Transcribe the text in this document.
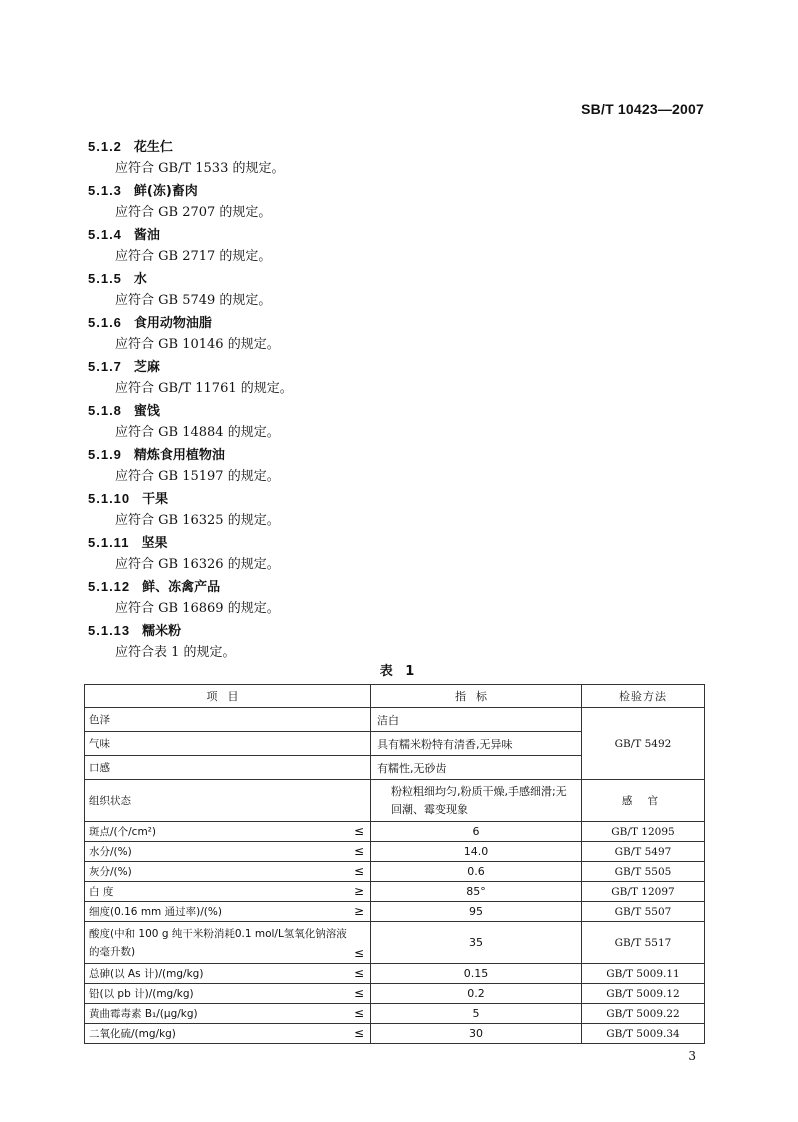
SB/T 10423—2007
5.1.2 花生仁
应符合 GB/T 1533 的规定。
5.1.3 鲜(冻)畜肉
应符合 GB 2707 的规定。
5.1.4 酱油
应符合 GB 2717 的规定。
5.1.5 水
应符合 GB 5749 的规定。
5.1.6 食用动物油脂
应符合 GB 10146 的规定。
5.1.7 芝麻
应符合 GB/T 11761 的规定。
5.1.8 蜜饯
应符合 GB 14884 的规定。
5.1.9 精炼食用植物油
应符合 GB 15197 的规定。
5.1.10 干果
应符合 GB 16325 的规定。
5.1.11 坚果
应符合 GB 16326 的规定。
5.1.12 鲜、冻禽产品
应符合 GB 16869 的规定。
5.1.13 糯米粉
应符合表 1 的规定。
表 1
项目	指标	检验方法

色泽	洁白	GB/T 5492

气味	具有糯米粉特有清香,无异味	

口感	有糯性,无砂齿	

组织状态	粉粒粗细均匀,粉质干燥,手感细滑;无回潮、霉变现象	感 官

斑点/(个/cm²) ≤	6	GB/T 12095

水分/(%) ≤	14.0	GB/T 5497

灰分/(%) ≤	0.6	GB/T 5505

白 度 ≥	85°	GB/T 12097

细度(0.16 mm 通过率)/(%) ≥	95	GB/T 5507

酸度(中和 100 g 纯干米粉消耗0.1 mol/L氢氧化钠溶液的毫升数) ≤	35	GB/T 5517

总砷(以 As 计)/(mg/kg) ≤	0.15	GB/T 5009.11

铅(以 pb 计)/(mg/kg) ≤	0.2	GB/T 5009.12

黄曲霉毒素 B₁/(μg/kg) ≤	5	GB/T 5009.22

二氧化硫/(mg/kg) ≤	30	GB/T 5009.34
3
